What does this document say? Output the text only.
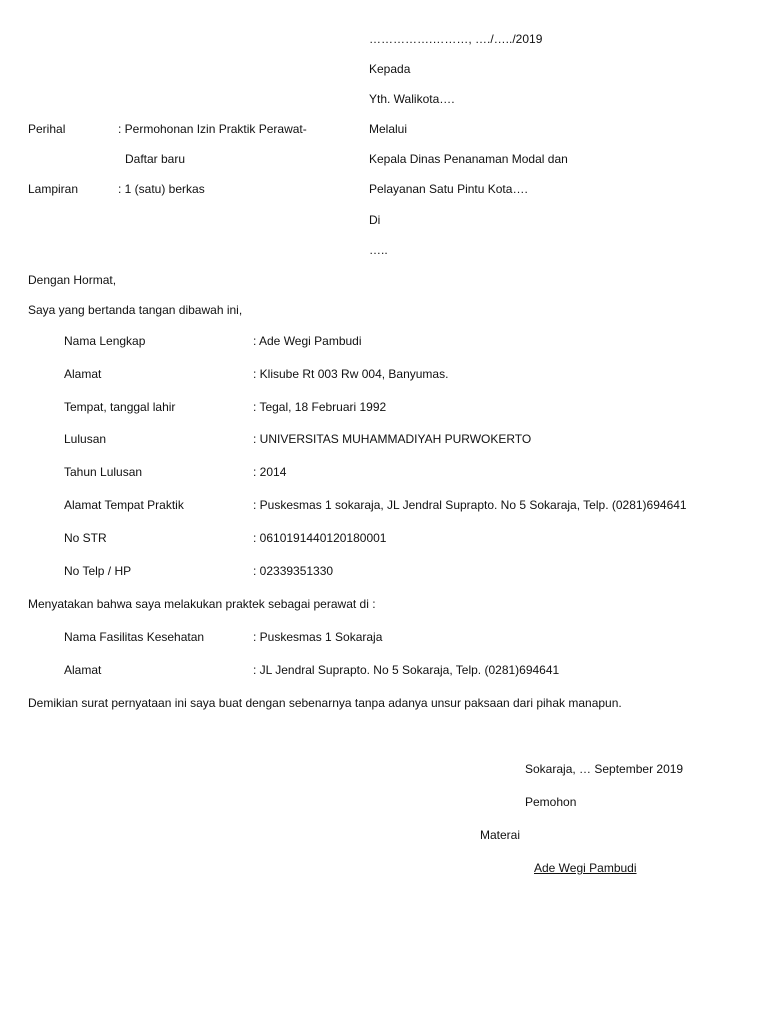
…………….………, …./…../2019
Kepada
Yth. Walikota….
Melalui
Kepala Dinas Penanaman Modal dan
Pelayanan Satu Pintu Kota….
Di
…..
Perihal	: Permohonan Izin Praktik Perawat-
Daftar baru
Lampiran	: 1 (satu) berkas
Dengan Hormat,
Saya yang bertanda tangan dibawah ini,
Nama Lengkap	: Ade Wegi Pambudi
Alamat	: Klisube Rt 003 Rw 004, Banyumas.
Tempat, tanggal lahir	: Tegal, 18 Februari 1992
Lulusan	: UNIVERSITAS MUHAMMADIYAH PURWOKERTO
Tahun Lulusan	: 2014
Alamat Tempat Praktik	: Puskesmas 1 sokaraja, JL Jendral Suprapto. No 5 Sokaraja, Telp. (0281)694641
No STR	: 0610191440120180001
No Telp / HP	: 02339351330
Menyatakan bahwa saya melakukan praktek sebagai perawat di :
Nama Fasilitas Kesehatan	: Puskesmas 1 Sokaraja
Alamat	: JL Jendral Suprapto. No 5 Sokaraja, Telp. (0281)694641
Demikian surat pernyataan ini saya buat dengan sebenarnya tanpa adanya unsur paksaan dari pihak manapun.
Sokaraja, … September 2019
Pemohon
Materai
Ade Wegi Pambudi
